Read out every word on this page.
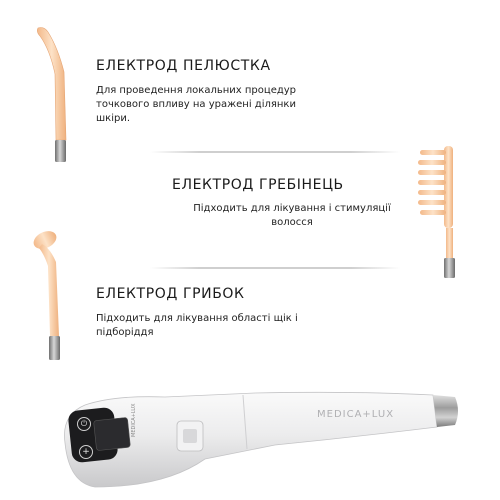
ЕЛЕКТРОД ПЕЛЮСТКА
Для проведення локальних процедур
точкового впливу на уражені ділянки
шкіри.
ЕЛЕКТРОД ГРЕБІНЕЦЬ
Підходить для лікування і стимуляції
волосся
ЕЛЕКТРОД ГРИБОК
Підходить для лікування області щік і
підборіддя
⏻
+
MEDICA+LUX	MEDICA+LUX
